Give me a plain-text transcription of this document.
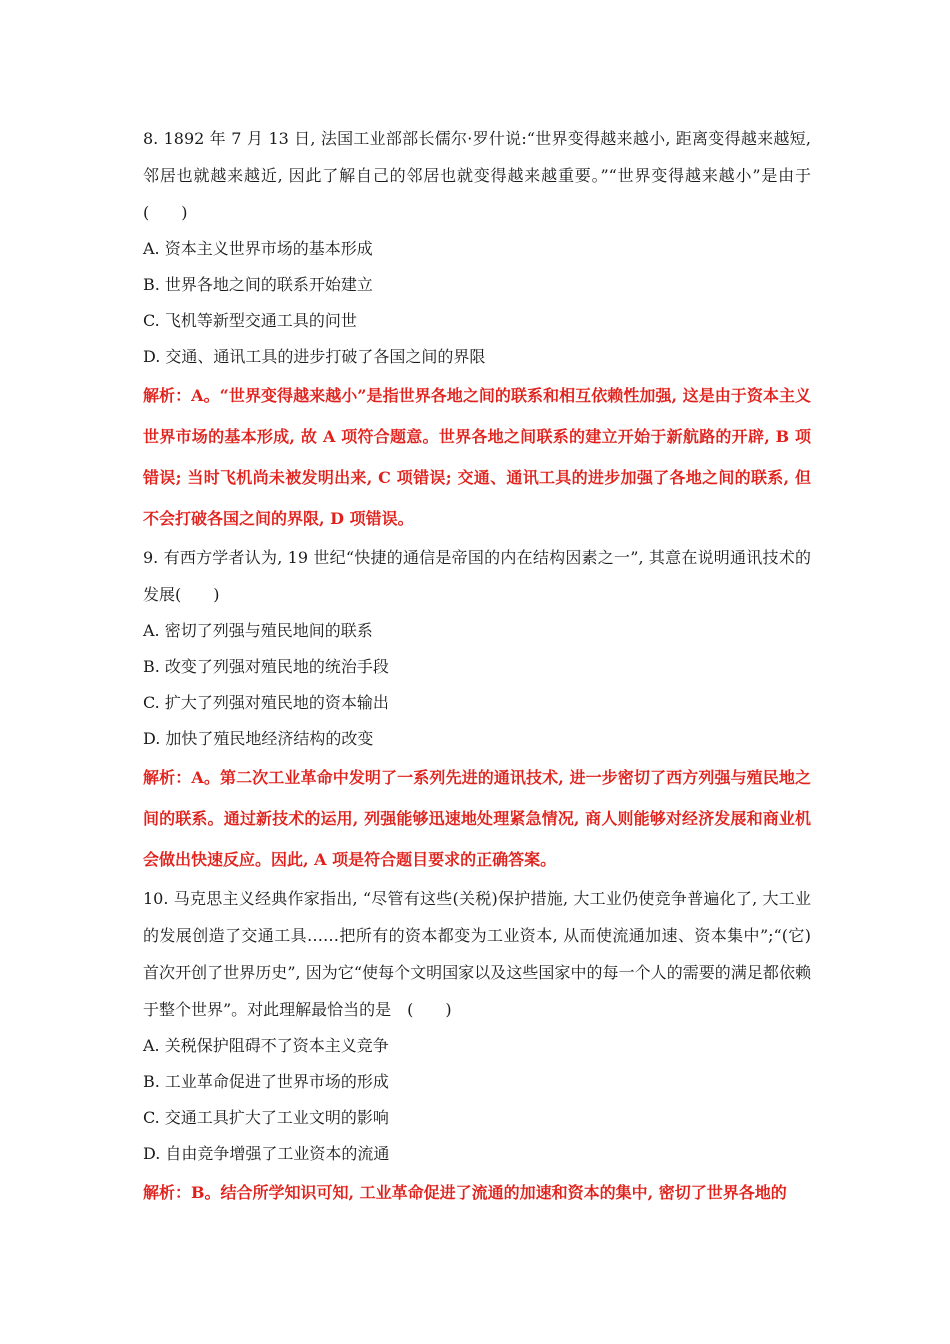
8. 1892 年 7 月 13 日, 法国工业部部长儒尔·罗什说:“世界变得越来越小, 距离变得越来越短, 邻居也就越来越近, 因此了解自己的邻居也就变得越来越重要。”“世界变得越来越小”是由于(　　)

A. 资本主义世界市场的基本形成

B. 世界各地之间的联系开始建立

C. 飞机等新型交通工具的问世

D. 交通、通讯工具的进步打破了各国之间的界限

解析：A。“世界变得越来越小”是指世界各地之间的联系和相互依赖性加强, 这是由于资本主义世界市场的基本形成, 故 A 项符合题意。世界各地之间联系的建立开始于新航路的开辟, B 项错误; 当时飞机尚未被发明出来, C 项错误; 交通、通讯工具的进步加强了各地之间的联系, 但不会打破各国之间的界限, D 项错误。

9. 有西方学者认为, 19 世纪“快捷的通信是帝国的内在结构因素之一”, 其意在说明通讯技术的发展(　　)

A. 密切了列强与殖民地间的联系

B. 改变了列强对殖民地的统治手段

C. 扩大了列强对殖民地的资本输出

D. 加快了殖民地经济结构的改变

解析：A。第二次工业革命中发明了一系列先进的通讯技术, 进一步密切了西方列强与殖民地之间的联系。通过新技术的运用, 列强能够迅速地处理紧急情况, 商人则能够对经济发展和商业机会做出快速反应。因此, A 项是符合题目要求的正确答案。

10. 马克思主义经典作家指出, “尽管有这些(关税)保护措施, 大工业仍使竞争普遍化了, 大工业的发展创造了交通工具……把所有的资本都变为工业资本, 从而使流通加速、资本集中”;“(它)首次开创了世界历史”, 因为它“使每个文明国家以及这些国家中的每一个人的需要的满足都依赖于整个世界”。对此理解最恰当的是　(　　)

A. 关税保护阻碍不了资本主义竞争

B. 工业革命促进了世界市场的形成

C. 交通工具扩大了工业文明的影响

D. 自由竞争增强了工业资本的流通

解析：B。结合所学知识可知, 工业革命促进了流通的加速和资本的集中, 密切了世界各地的
